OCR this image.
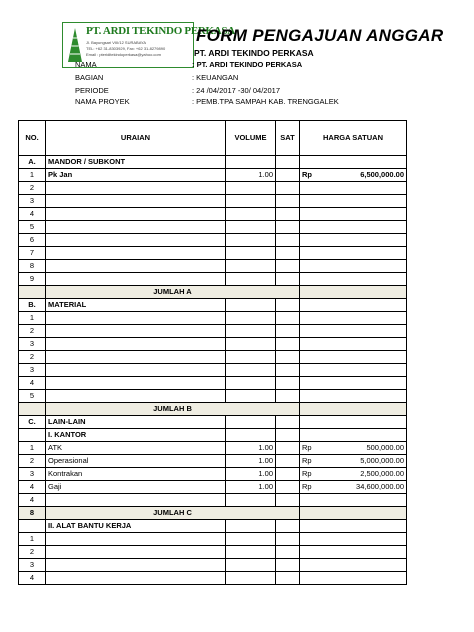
PT. ARDI TEKINDO PERKASA
Jl. Bayungsari VIII/12 SURABAYA
TEL: +62 31-8303929, Fax: +62 31-8279890
Email : pteriditekindoperkasa@yahoo.com
FORM PENGAJUAN ANGGAR
PT. ARDI TEKINDO PERKASA
NAMA	: PT. ARDI TEKINDO PERKASA
BAGIAN	: KEUANGAN
PERIODE	: 24 /04/2017 -30/ 04/2017
NAMA PROYEK	: PEMB.TPA SAMPAH KAB. TRENGGALEK
NO.	URAIAN	VOLUME	SAT	HARGA SATUAN	
A.	MANDOR / SUBKONT				
1	Pk Jan	1.00		Rp	6,500,000.00
2					
3					
4					
5					
6					
7					
8					
9					
	JUMLAH A				
B.	MATERIAL				
1					
2					
3					
2					
3					
4					
5					
	JUMLAH B				
C.	LAIN-LAIN				
	I. KANTOR				
1	ATK	1.00		Rp	500,000.00
2	Operasional	1.00		Rp	5,000,000.00
3	Kontrakan	1.00		Rp	2,500,000.00
4	Gaji	1.00		Rp	34,600,000.00
4					
8	JUMLAH C				
	II. ALAT BANTU KERJA				
1					
2					
3					
4					
